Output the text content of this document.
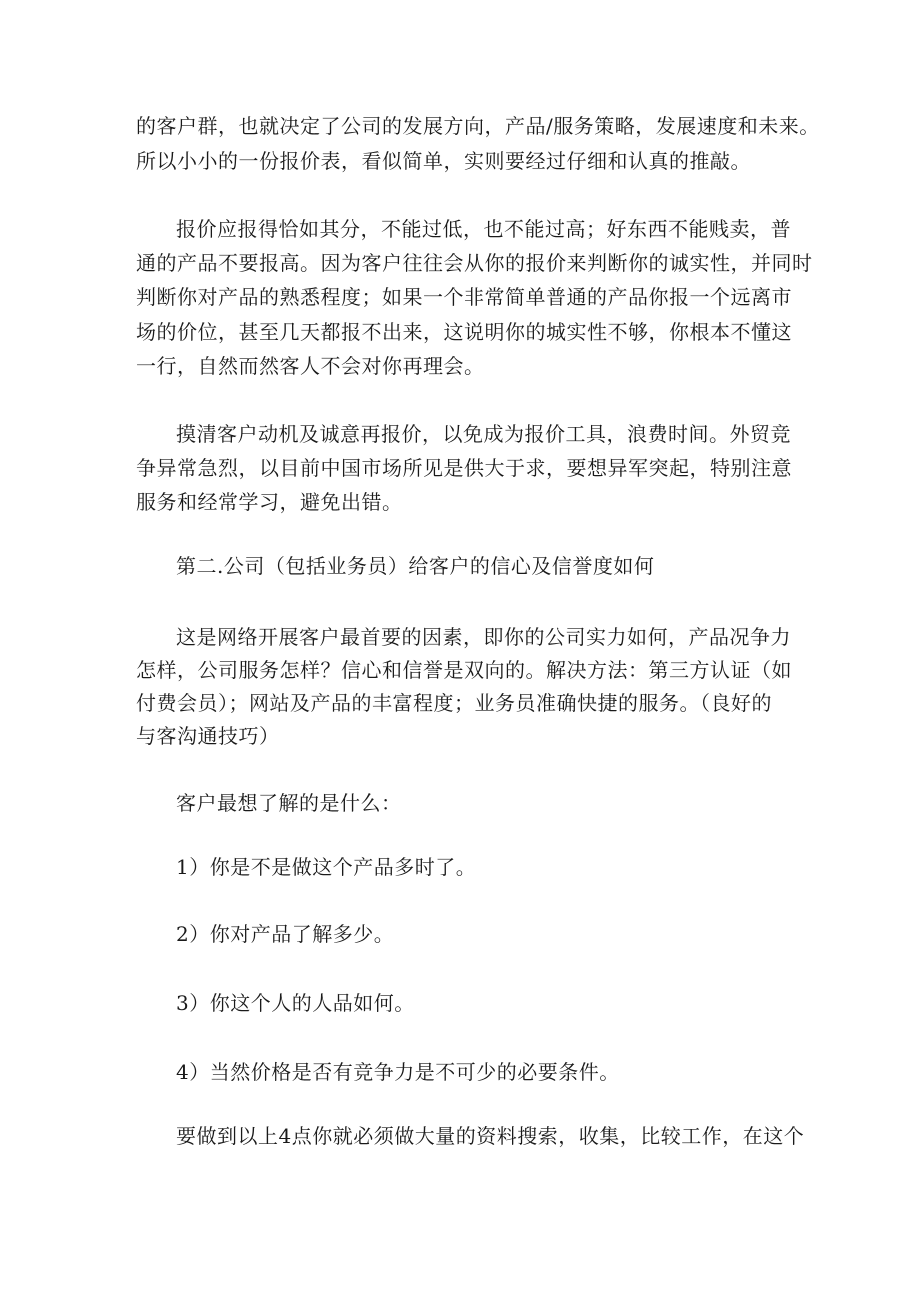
的客户群，也就决定了公司的发展方向，产品/服务策略，发展速度和未来。
所以小小的一份报价表，看似简单，实则要经过仔细和认真的推敲。
报价应报得恰如其分，不能过低，也不能过高；好东西不能贱卖，普
通的产品不要报高。因为客户往往会从你的报价来判断你的诚实性，并同时
判断你对产品的熟悉程度；如果一个非常简单普通的产品你报一个远离市
场的价位，甚至几天都报不出来，这说明你的城实性不够，你根本不懂这
一行，自然而然客人不会对你再理会。
摸清客户动机及诚意再报价，以免成为报价工具，浪费时间。外贸竞
争异常急烈，以目前中国市场所见是供大于求，要想异军突起，特别注意
服务和经常学习，避免出错。
第二.公司（包括业务员）给客户的信心及信誉度如何
这是网络开展客户最首要的因素，即你的公司实力如何，产品况争力
怎样，公司服务怎样？信心和信誉是双向的。解决方法：第三方认证（如
付费会员）；网站及产品的丰富程度；业务员准确快捷的服务。（良好的
与客沟通技巧）
客户最想了解的是什么：
1）你是不是做这个产品多时了。
2）你对产品了解多少。
3）你这个人的人品如何。
4）当然价格是否有竞争力是不可少的必要条件。
要做到以上4点你就必须做大量的资料搜索，收集，比较工作，在这个
